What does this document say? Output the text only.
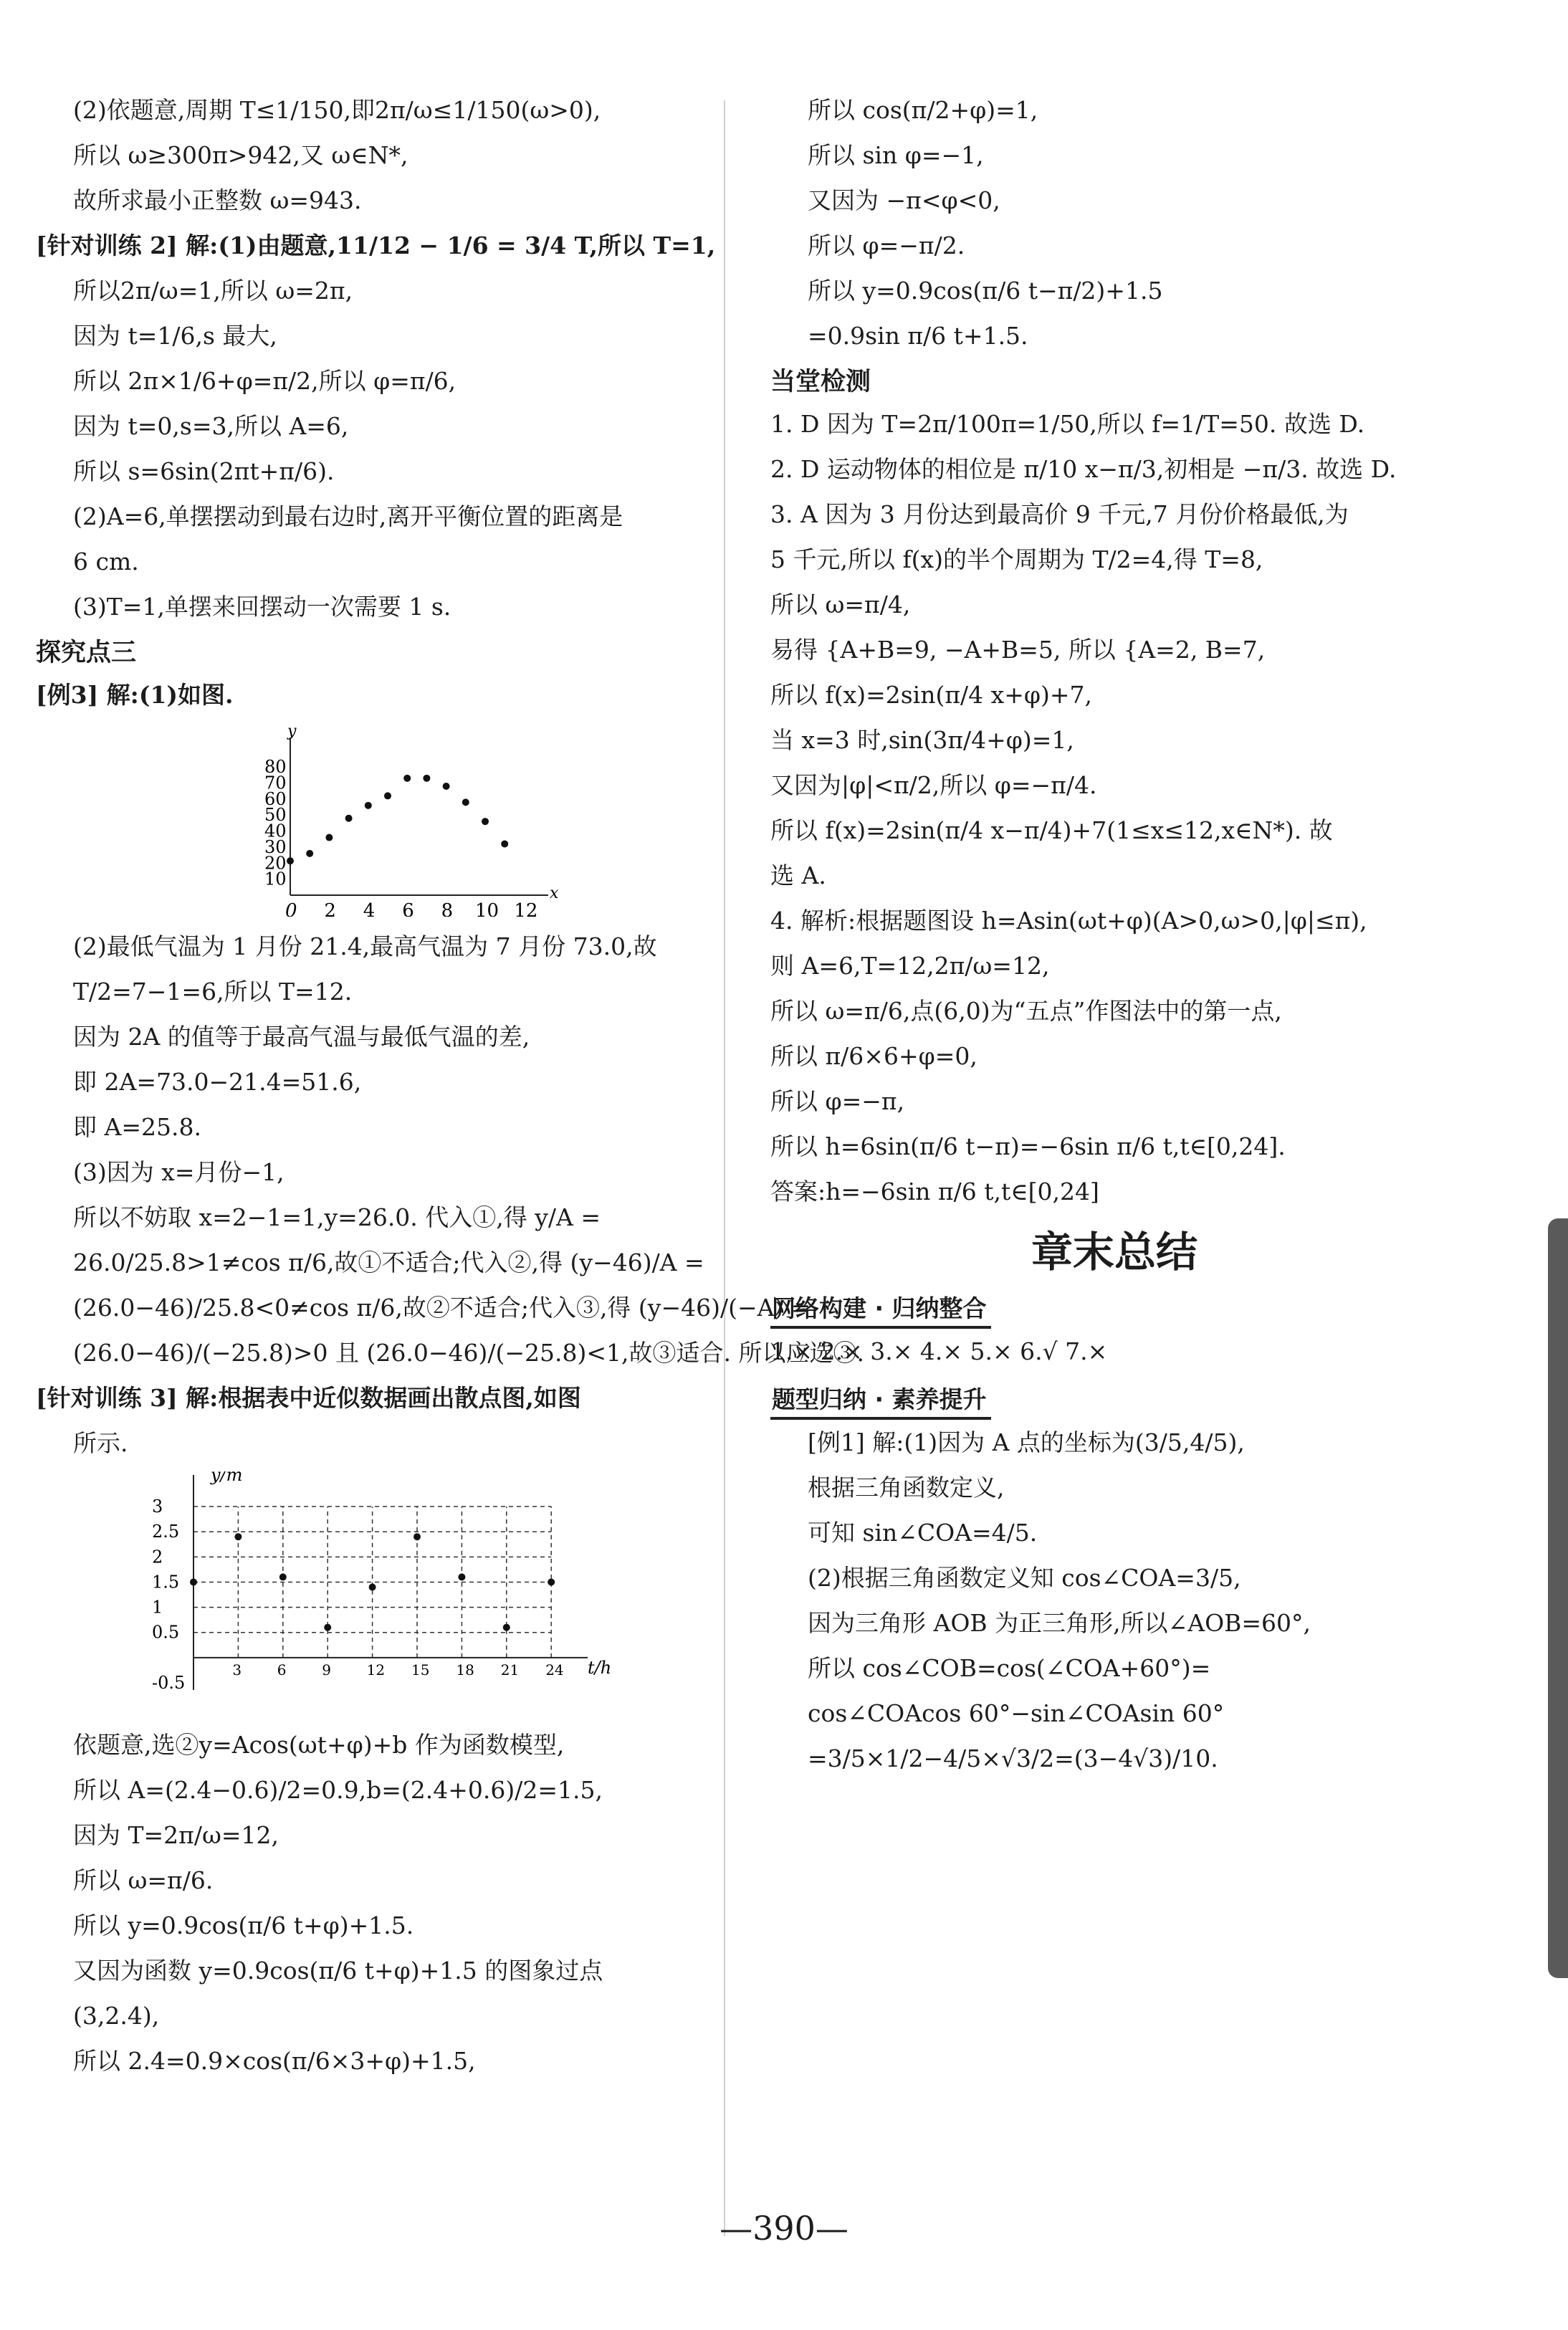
(2)依题意,周期 T≤1/150,即2π/ω≤1/150(ω>0),
所以 ω≥300π>942,又 ω∈N*,
故所求最小正整数 ω=943.
[针对训练 2] 解:(1)由题意,11/12 − 1/6 = 3/4 T,所以 T=1,
所以2π/ω=1,所以 ω=2π,
因为 t=1/6,s 最大,
所以 2π×1/6+φ=π/2,所以 φ=π/6,
因为 t=0,s=3,所以 A=6,
所以 s=6sin(2πt+π/6).
(2)A=6,单摆摆动到最右边时,离开平衡位置的距离是
6 cm.
(3)T=1,单摆来回摆动一次需要 1 s.
探究点三
[例3] 解:(1)如图.
x
y
0 2 4 6 8 10 12
10
20
30
40
50
60
70
80
(2)最低气温为 1 月份 21.4,最高气温为 7 月份 73.0,故
T/2=7−1=6,所以 T=12.
因为 2A 的值等于最高气温与最低气温的差,
即 2A=73.0−21.4=51.6,
即 A=25.8.
(3)因为 x=月份−1,
所以不妨取 x=2−1=1,y=26.0. 代入①,得 y/A =
26.0/25.8>1≠cos π/6,故①不适合;代入②,得 (y−46)/A =
(26.0−46)/25.8<0≠cos π/6,故②不适合;代入③,得 (y−46)/(−A) =
(26.0−46)/(−25.8)>0 且 (26.0−46)/(−25.8)<1,故③适合. 所以应选③.
[针对训练 3] 解:根据表中近似数据画出散点图,如图
所示.
t/h
y/m
3 6 9 12 15 18 21 24
-0.5
0.5
1
1.5
2
2.5
3
依题意,选②y=Acos(ωt+φ)+b 作为函数模型,
所以 A=(2.4−0.6)/2=0.9,b=(2.4+0.6)/2=1.5,
因为 T=2π/ω=12,
所以 ω=π/6.
所以 y=0.9cos(π/6 t+φ)+1.5.
又因为函数 y=0.9cos(π/6 t+φ)+1.5 的图象过点
(3,2.4),
所以 2.4=0.9×cos(π/6×3+φ)+1.5,
所以 cos(π/2+φ)=1,
所以 sin φ=−1,
又因为 −π<φ<0,
所以 φ=−π/2.
所以 y=0.9cos(π/6 t−π/2)+1.5
=0.9sin π/6 t+1.5.
当堂检测
1. D 因为 T=2π/100π=1/50,所以 f=1/T=50. 故选 D.
2. D 运动物体的相位是 π/10 x−π/3,初相是 −π/3. 故选 D.
3. A 因为 3 月份达到最高价 9 千元,7 月份价格最低,为
5 千元,所以 f(x)的半个周期为 T/2=4,得 T=8,
所以 ω=π/4,
易得 {A+B=9, −A+B=5, 所以 {A=2, B=7,
所以 f(x)=2sin(π/4 x+φ)+7,
当 x=3 时,sin(3π/4+φ)=1,
又因为|φ|<π/2,所以 φ=−π/4.
所以 f(x)=2sin(π/4 x−π/4)+7(1≤x≤12,x∈N*). 故
选 A.
4. 解析:根据题图设 h=Asin(ωt+φ)(A>0,ω>0,|φ|≤π),
则 A=6,T=12,2π/ω=12,
所以 ω=π/6,点(6,0)为“五点”作图法中的第一点,
所以 π/6×6+φ=0,
所以 φ=−π,
所以 h=6sin(π/6 t−π)=−6sin π/6 t,t∈[0,24].
答案:h=−6sin π/6 t,t∈[0,24]
章末总结
网络构建 · 归纳整合
1.× 2.× 3.× 4.× 5.× 6.√ 7.×
题型归纳 · 素养提升
[例1] 解:(1)因为 A 点的坐标为(3/5,4/5),
根据三角函数定义,
可知 sin∠COA=4/5.
(2)根据三角函数定义知 cos∠COA=3/5,
因为三角形 AOB 为正三角形,所以∠AOB=60°,
所以 cos∠COB=cos(∠COA+60°)=
cos∠COAcos 60°−sin∠COAsin 60°
=3/5×1/2−4/5×√3/2=(3−4√3)/10.
—390—
